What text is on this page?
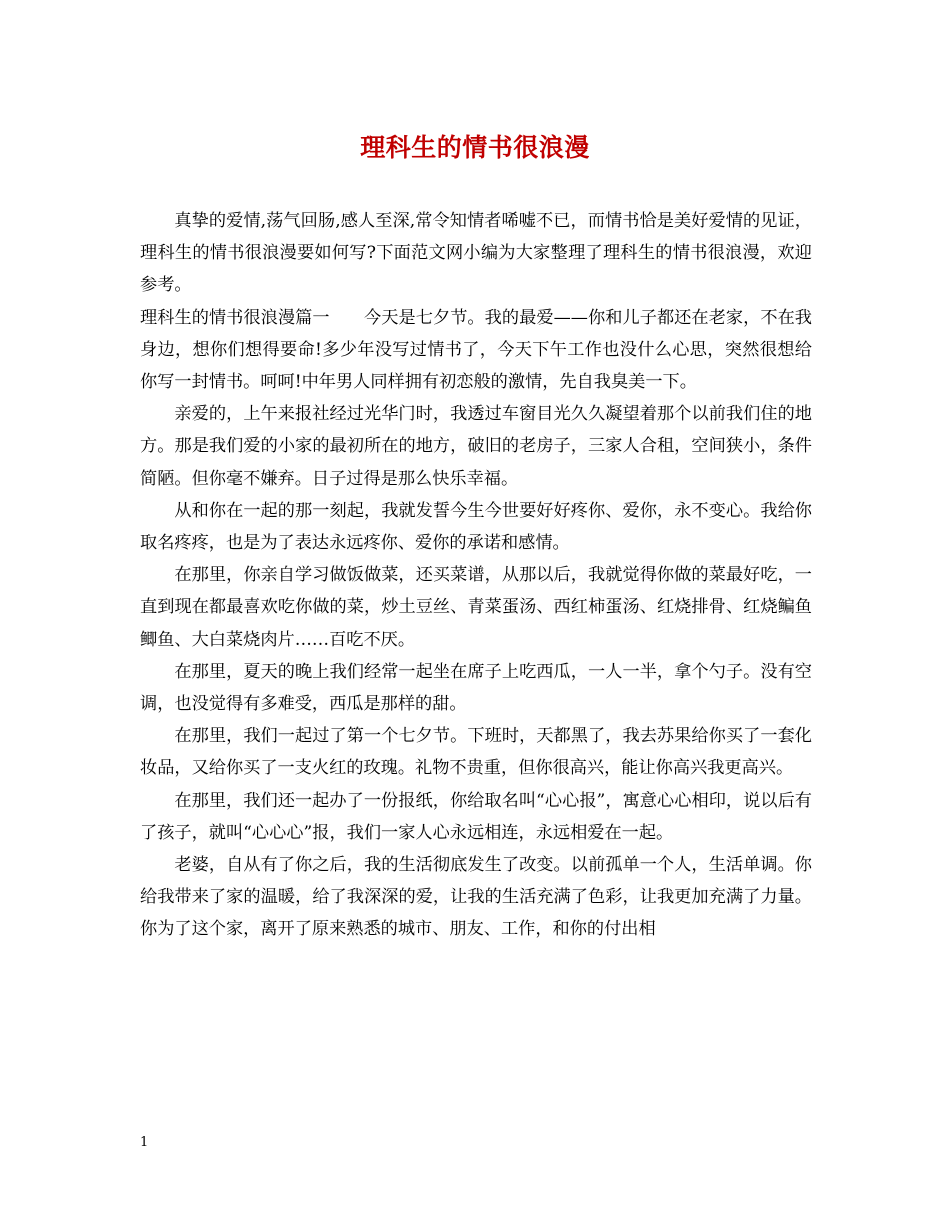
理科生的情书很浪漫

真挚的爱情,荡气回肠,感人至深,常令知情者唏嘘不已，而情书恰是美好爱情的见证，理科生的情书很浪漫要如何写?下面范文网小编为大家整理了理科生的情书很浪漫，欢迎参考。

理科生的情书很浪漫篇一　　今天是七夕节。我的最爱——你和儿子都还在老家，不在我身边，想你们想得要命!多少年没写过情书了，今天下午工作也没什么心思，突然很想给你写一封情书。呵呵!中年男人同样拥有初恋般的激情，先自我臭美一下。

亲爱的，上午来报社经过光华门时，我透过车窗目光久久凝望着那个以前我们住的地方。那是我们爱的小家的最初所在的地方，破旧的老房子，三家人合租，空间狭小，条件简陋。但你毫不嫌弃。日子过得是那么快乐幸福。

从和你在一起的那一刻起，我就发誓今生今世要好好疼你、爱你，永不变心。我给你取名疼疼，也是为了表达永远疼你、爱你的承诺和感情。

在那里，你亲自学习做饭做菜，还买菜谱，从那以后，我就觉得你做的菜最好吃，一直到现在都最喜欢吃你做的菜，炒土豆丝、青菜蛋汤、西红柿蛋汤、红烧排骨、红烧鳊鱼鲫鱼、大白菜烧肉片……百吃不厌。

在那里，夏天的晚上我们经常一起坐在席子上吃西瓜，一人一半，拿个勺子。没有空调，也没觉得有多难受，西瓜是那样的甜。

在那里，我们一起过了第一个七夕节。下班时，天都黑了，我去苏果给你买了一套化妆品，又给你买了一支火红的玫瑰。礼物不贵重，但你很高兴，能让你高兴我更高兴。

在那里，我们还一起办了一份报纸，你给取名叫“心心报”，寓意心心相印，说以后有了孩子，就叫“心心心”报，我们一家人心永远相连，永远相爱在一起。

老婆，自从有了你之后，我的生活彻底发生了改变。以前孤单一个人，生活单调。你给我带来了家的温暖，给了我深深的爱，让我的生活充满了色彩，让我更加充满了力量。你为了这个家，离开了原来熟悉的城市、朋友、工作，和你的付出相

1
